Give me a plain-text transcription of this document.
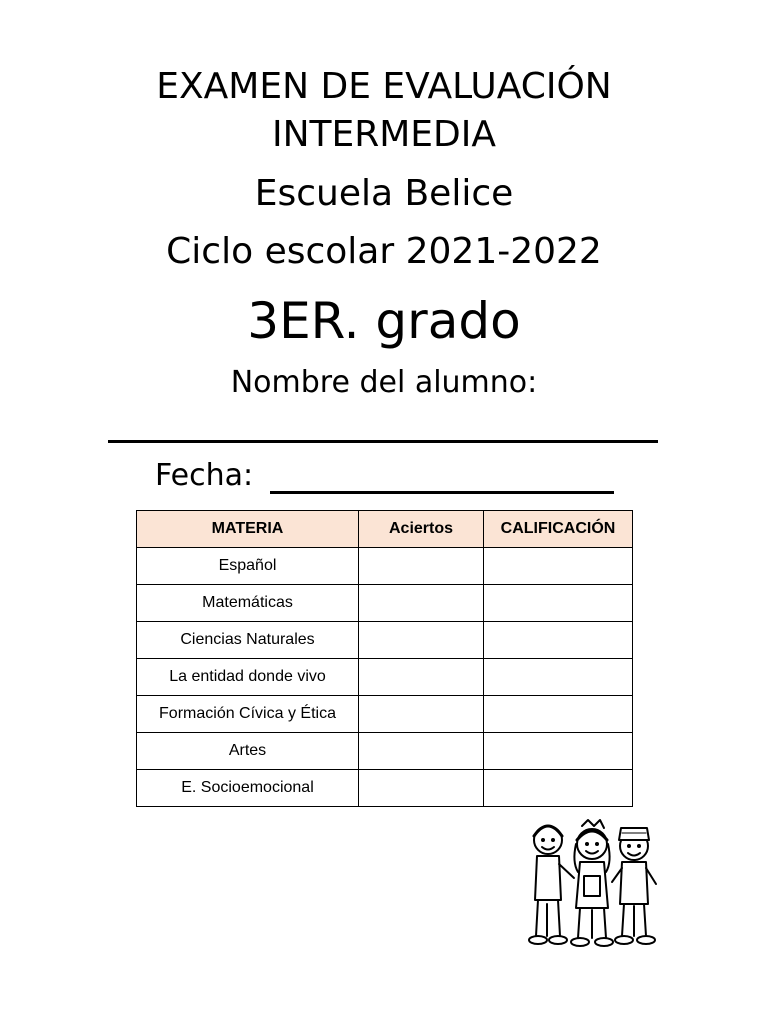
EXAMEN DE EVALUACIÓN
INTERMEDIA
Escuela Belice
Ciclo escolar 2021-2022
3ER. grado
Nombre del alumno:
Fecha:
MATERIA	Aciertos	CALIFICACIÓN
Español		
Matemáticas		
Ciencias Naturales		
La entidad donde vivo		
Formación Cívica y Ética		
Artes		
E. Socioemocional		
